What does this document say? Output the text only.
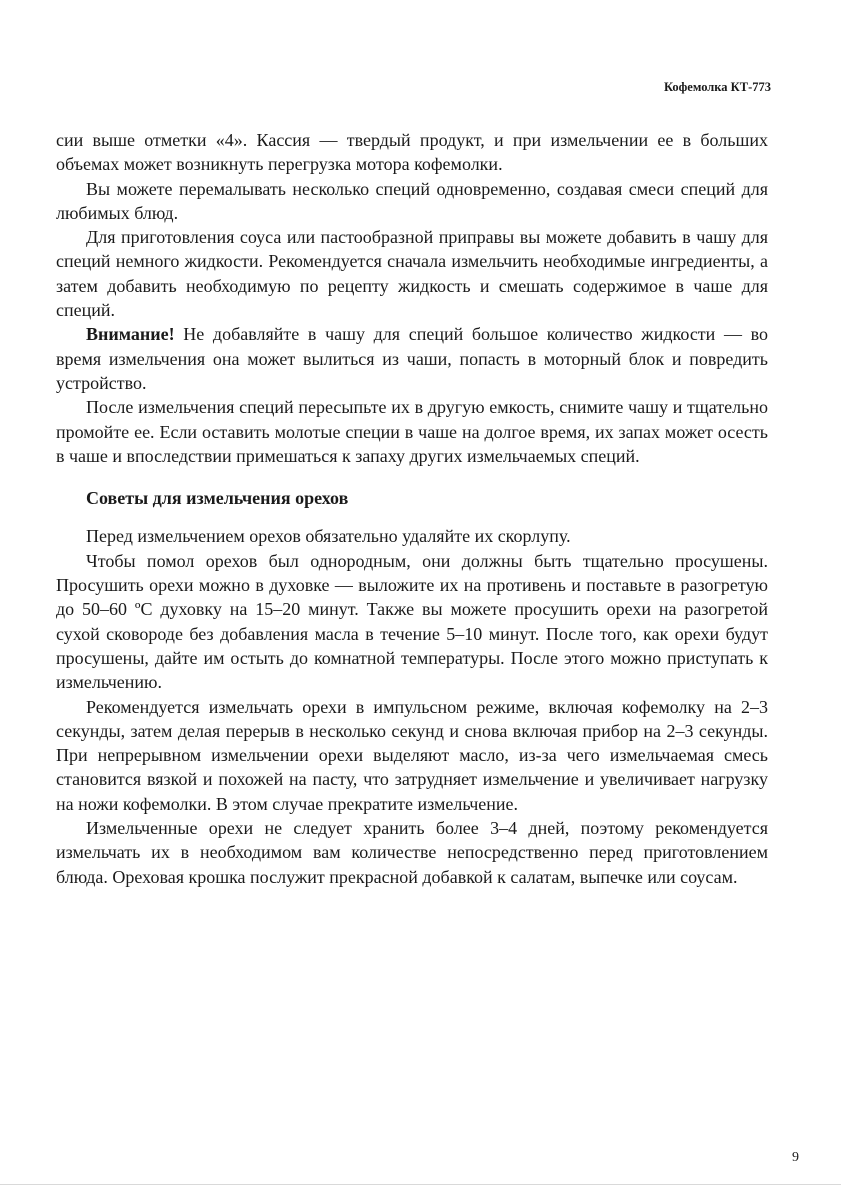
Кофемолка КТ-773

сии выше отметки «4». Кассия — твердый продукт, и при измельчении ее в больших объемах может возникнуть перегрузка мотора кофемолки.

Вы можете перемалывать несколько специй одновременно, создавая смеси специй для любимых блюд.

Для приготовления соуса или пастообразной приправы вы можете добавить в чашу для специй немного жидкости. Рекомендуется сначала измельчить необходимые ингредиенты, а затем добавить необходимую по рецепту жидкость и смешать содержимое в чаше для специй.

Внимание! Не добавляйте в чашу для специй большое количество жидкости — во время измельчения она может вылиться из чаши, попасть в моторный блок и повредить устройство.

После измельчения специй пересыпьте их в другую емкость, снимите чашу и тщательно промойте ее. Если оставить молотые специи в чаше на долгое время, их запах может осесть в чаше и впоследствии примешаться к запаху других измельчаемых специй.

Советы для измельчения орехов

Перед измельчением орехов обязательно удаляйте их скорлупу.

Чтобы помол орехов был однородным, они должны быть тщательно просушены. Просушить орехи можно в духовке — выложите их на противень и поставьте в разогретую до 50–60 ºС духовку на 15–20 минут. Также вы можете просушить орехи на разогретой сухой сковороде без добавления масла в течение 5–10 минут. После того, как орехи будут просушены, дайте им остыть до комнатной температуры. После этого можно приступать к измельчению.

Рекомендуется измельчать орехи в импульсном режиме, включая кофемолку на 2–3 секунды, затем делая перерыв в несколько секунд и снова включая прибор на 2–3 секунды. При непрерывном измельчении орехи выделяют масло, из-за чего измельчаемая смесь становится вязкой и похожей на пасту, что затрудняет измельчение и увеличивает нагрузку на ножи кофемолки. В этом случае прекратите измельчение.

Измельченные орехи не следует хранить более 3–4 дней, поэтому рекомендуется измельчать их в необходимом вам количестве непосредственно перед приготовлением блюда. Ореховая крошка послужит прекрасной добавкой к салатам, выпечке или соусам.

9
